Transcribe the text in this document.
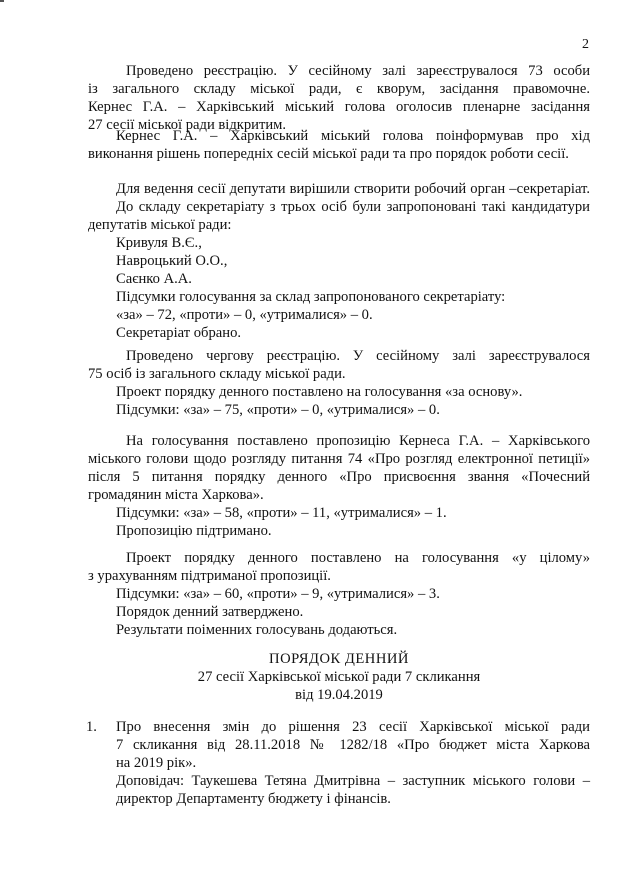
2
Проведено реєстрацію. У сесійному залі зареєструвалося 73 особи
із загального складу міської ради, є кворум, засідання правомочне.
Кернес Г.А. – Харківський міський голова оголосив пленарне засідання
27 сесії міської ради відкритим.
Кернес Г.А. – Харківський міський голова поінформував про хід
виконання рішень попередніх сесій міської ради та про порядок роботи сесії.
Для ведення сесії депутати вирішили створити робочий орган –секретаріат.
До складу секретаріату з трьох осіб були запропоновані такі кандидатури
депутатів міської ради:
Кривуля В.Є.,
Навроцький О.О.,
Саєнко А.А.
Підсумки голосування за склад запропонованого секретаріату:
«за» – 72, «проти» – 0, «утрималися» – 0.
Секретаріат обрано.
Проведено чергову реєстрацію. У сесійному залі зареєструвалося
75 осіб із загального складу міської ради.
Проект порядку денного поставлено на голосування «за основу».
Підсумки: «за» – 75, «проти» – 0, «утрималися» – 0.
На голосування поставлено пропозицію Кернеса Г.А. – Харківського
міського голови щодо розгляду питання 74 «Про розгляд електронної петиції»
після 5 питання порядку денного «Про присвоєння звання «Почесний
громадянин міста Харкова».
Підсумки: «за» – 58, «проти» – 11, «утрималися» – 1.
Пропозицію підтримано.
Проект порядку денного поставлено на голосування «у цілому»
з урахуванням підтриманої пропозиції.
Підсумки: «за» – 60, «проти» – 9, «утрималися» – 3.
Порядок денний затверджено.
Результати поіменних голосувань додаються.
ПОРЯДОК ДЕННИЙ
27 сесії Харківської міської ради 7 скликання
від 19.04.2019
1. Про внесення змін до рішення 23 сесії Харківської міської ради
7 скликання від 28.11.2018 № 1282/18 «Про бюджет міста Харкова
на 2019 рік».
Доповідач: Таукешева Тетяна Дмитрівна – заступник міського голови –
директор Департаменту бюджету і фінансів.
